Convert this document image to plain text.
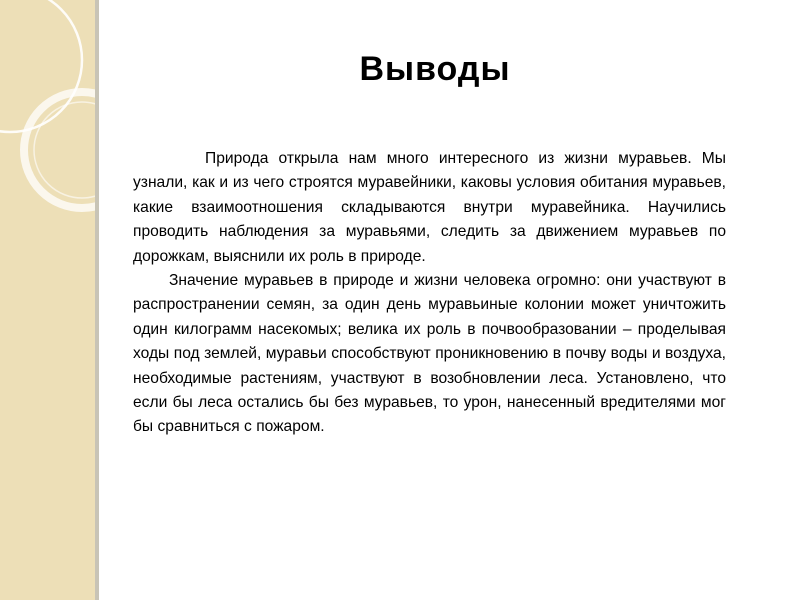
Выводы

Природа открыла нам много интересного из жизни муравьев. Мы узнали, как и из чего строятся муравейники, каковы условия обитания муравьев, какие взаимоотношения складываются внутри муравейника. Научились проводить наблюдения за муравьями, следить за движением муравьев по дорожкам, выяснили их роль в природе.

Значение муравьев в природе и жизни человека огромно: они участвуют в распространении семян, за один день муравьиные колонии может уничтожить один килограмм насекомых; велика их роль в почвообразовании – проделывая ходы под землей, муравьи способствуют проникновению в почву воды и воздуха, необходимые растениям, участвуют в возобновлении леса. Установлено, что если бы леса остались бы без муравьев, то урон, нанесенный вредителями мог бы сравниться с пожаром.
